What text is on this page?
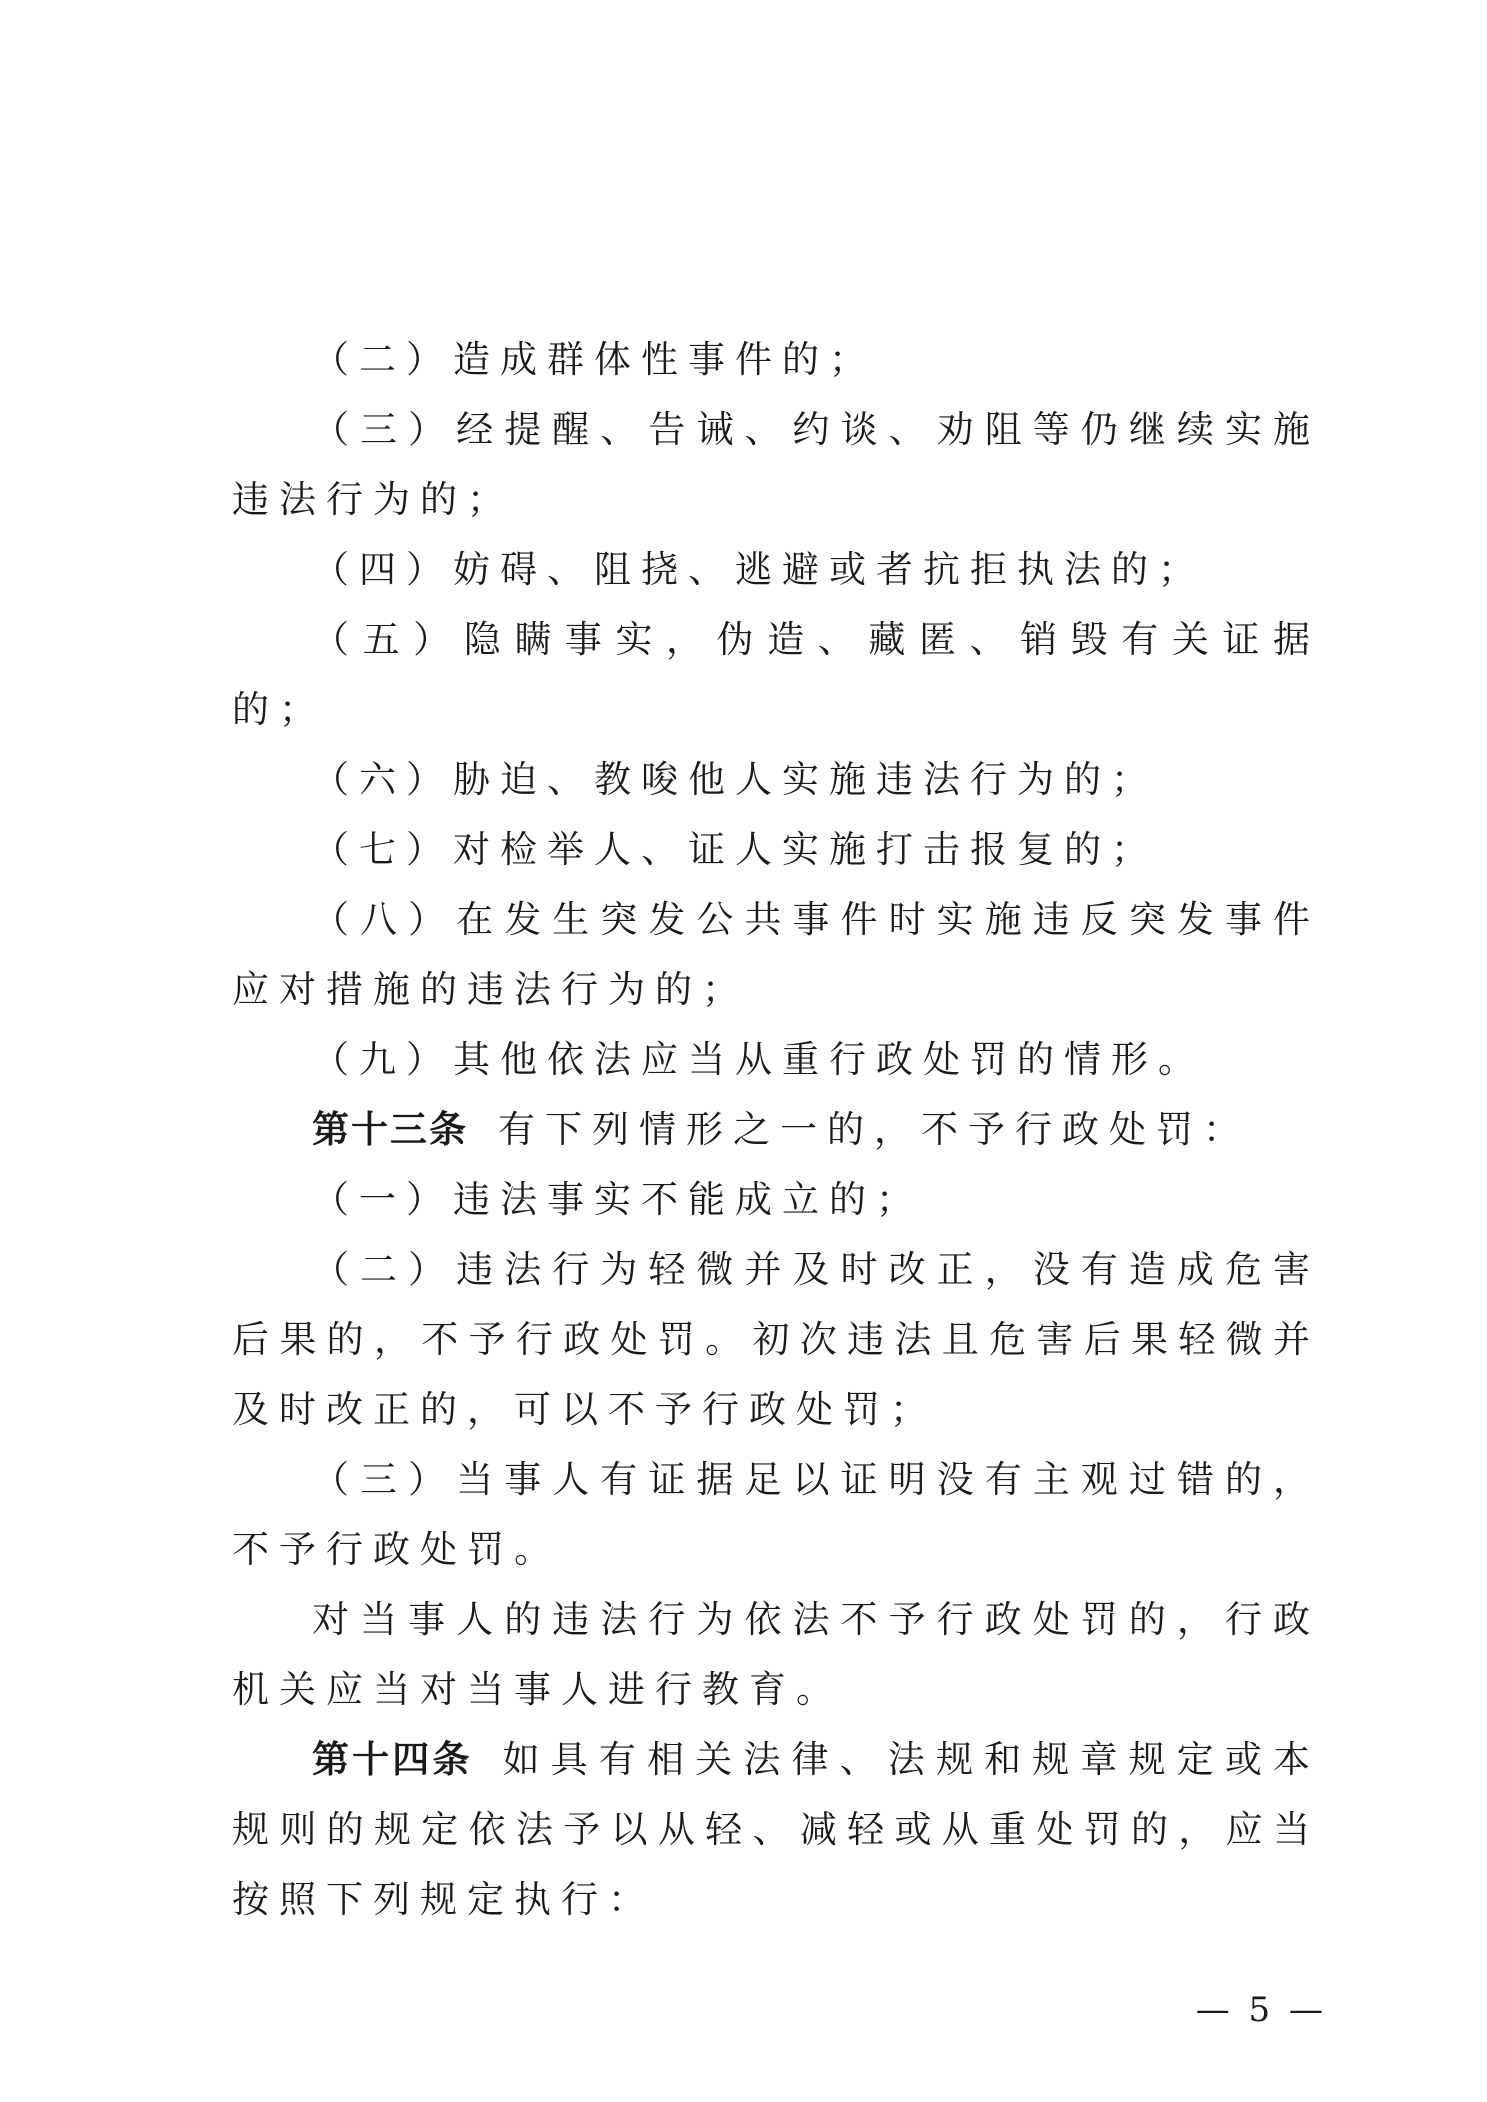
（二）造成群体性事件的；

（三）经提醒、告诫、约谈、劝阻等仍继续实施违法行为的；

（四）妨碍、阻挠、逃避或者抗拒执法的；

（五）隐瞒事实，伪造、藏匿、销毁有关证据的；

（六）胁迫、教唆他人实施违法行为的；

（七）对检举人、证人实施打击报复的；

（八）在发生突发公共事件时实施违反突发事件应对措施的违法行为的；

（九）其他依法应当从重行政处罚的情形。

第十三条 有下列情形之一的，不予行政处罚：

（一）违法事实不能成立的；

（二）违法行为轻微并及时改正，没有造成危害后果的，不予行政处罚。初次违法且危害后果轻微并及时改正的，可以不予行政处罚；

（三）当事人有证据足以证明没有主观过错的，不予行政处罚。

对当事人的违法行为依法不予行政处罚的，行政机关应当对当事人进行教育。

第十四条 如具有相关法律、法规和规章规定或本规则的规定依法予以从轻、减轻或从重处罚的，应当按照下列规定执行：

— 5 —
